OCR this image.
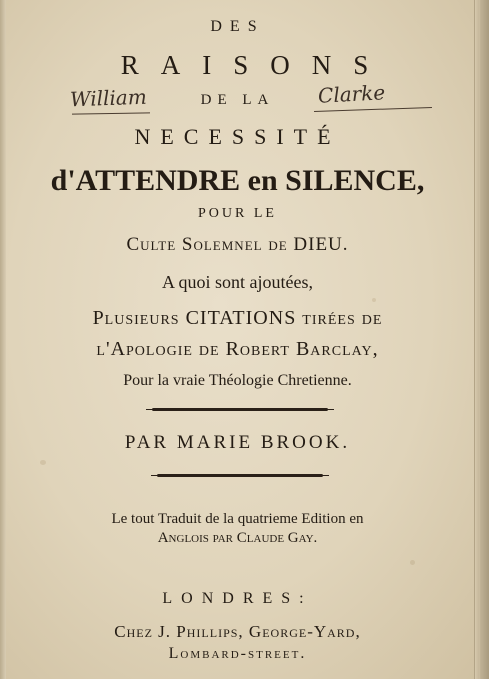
DES
RAISONS
William	DE LA	Clarke
NECESSITÉ
d'ATTENDRE en SILENCE,
POUR LE
Culte Solemnel de DIEU.
A quoi sont ajoutées,
Plusieurs CITATIONS tirées de
l'Apologie de Robert Barclay,
Pour la vraie Théologie Chretienne.
PAR MARIE BROOK.
Le tout Traduit de la quatrieme Edition en
Anglois par Claude Gay.
LONDRES:
Chez J. Phillips, George-Yard,
Lombard-street.
